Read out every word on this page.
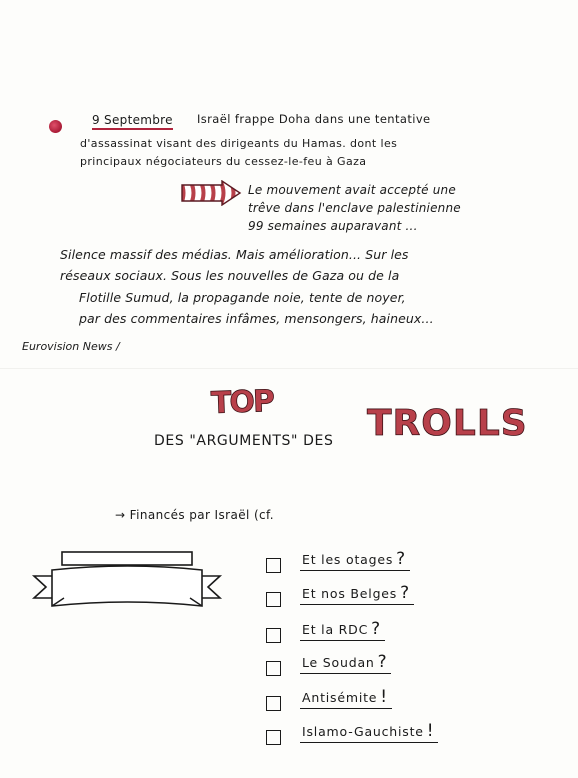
9 Septembre Israël frappe Doha dans une tentative
d'assassinat visant des dirigeants du Hamas. dont les
principaux négociateurs du cessez-le-feu à Gaza
Le mouvement avait accepté une
trêve dans l'enclave palestinienne
99 semaines auparavant ...
Silence massif des médias. Mais amélioration... Sur les
réseaux sociaux. Sous les nouvelles de Gaza ou de la
Flotille Sumud, la propagande noie, tente de noyer,
par des commentaires infâmes, mensongers, haineux...
Eurovision News /
TOP
DES "ARGUMENTS" DES TROLLS
→ Financés par Israël (cf.
Et les otages ?
Et nos Belges ?
Et la RDC ?
Le Soudan ?
Antisémite !
Islamo-Gauchiste !
